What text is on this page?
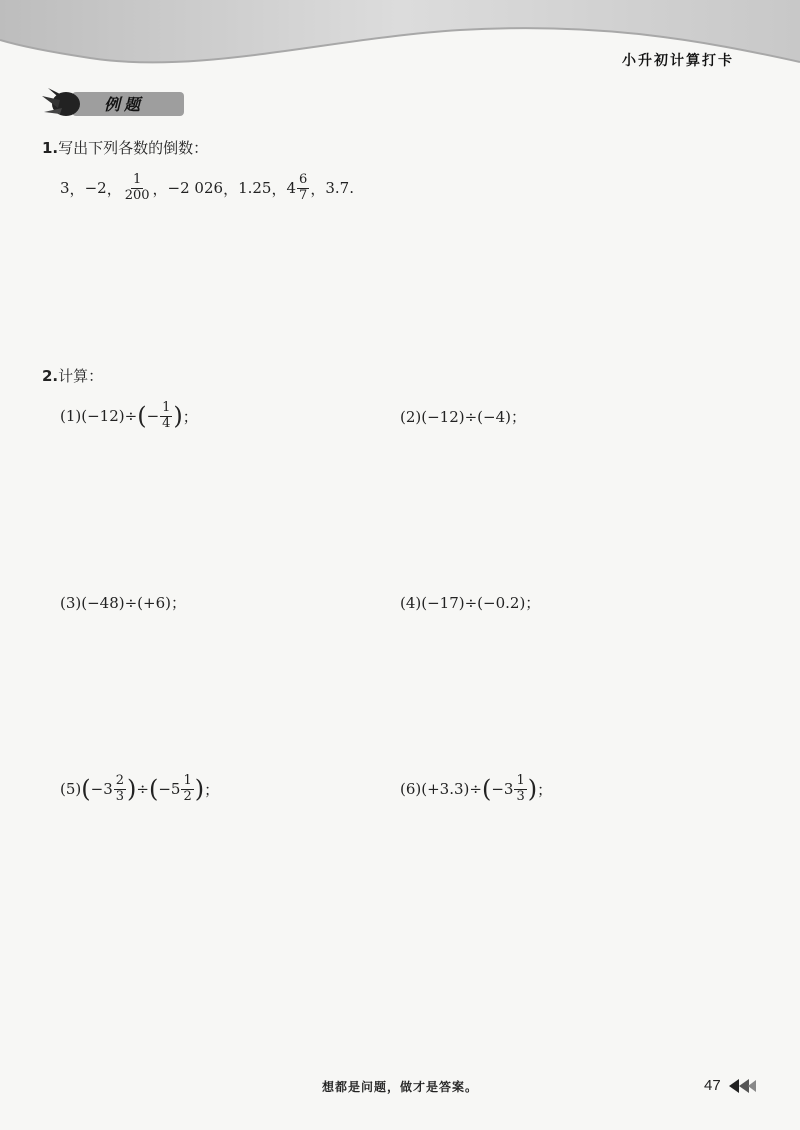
小升初计算打卡
例题
1.写出下列各数的倒数：
3 ， −2 ， $\frac{1}{200}$ ， −2 026 ， 1.25 ， $4 \frac{6}{7}$ ， 3.7 .
2.计算：
(1)(−12)÷ ( − $\frac{1}{4}$ ) ；	(2)(−12)÷(−4)；
(3)(−48)÷(+6)；	(4)(−17)÷(−0.2)；
(5) ( $-3 \frac{2}{3}$ ) ÷ ( $-5 \frac{1}{2}$ ) ；	(6)(+3.3)÷ ( $-3 \frac{1}{3}$ ) ；
想都是问题，做才是答案。	47
